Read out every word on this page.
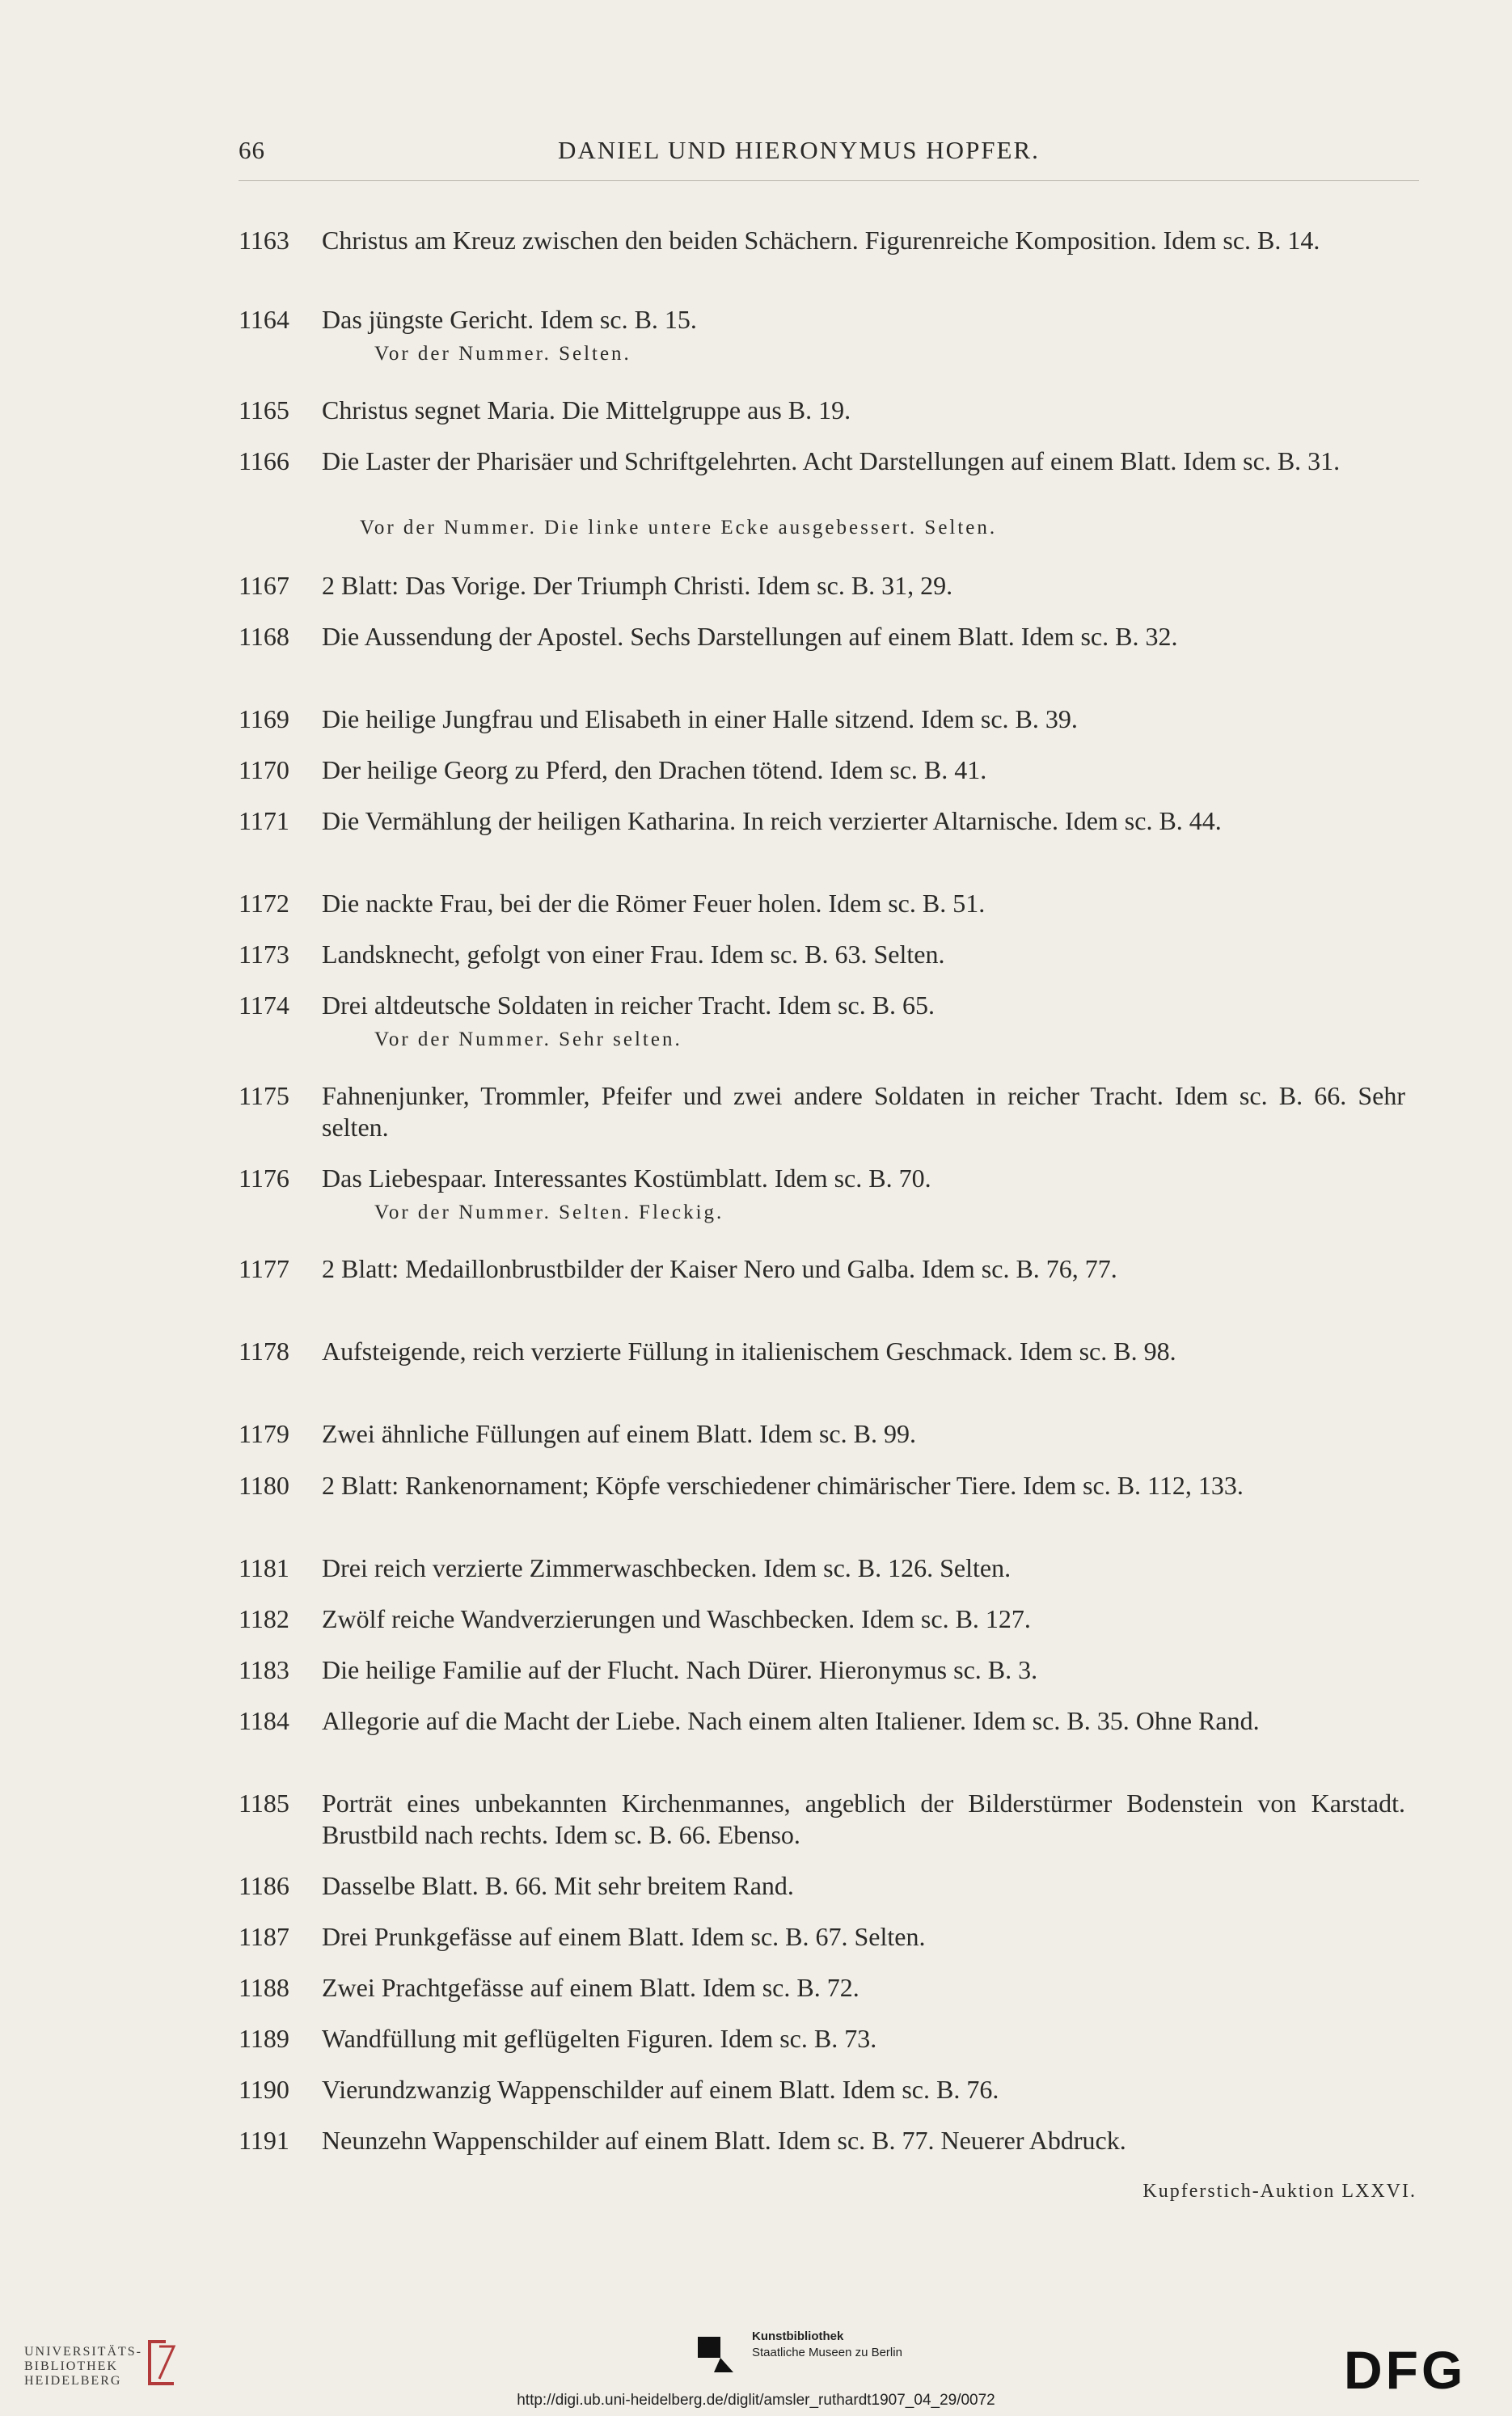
66	DANIEL UND HIERONYMUS HOPFER.
1163	Christus am Kreuz zwischen den beiden Schächern. Figurenreiche Komposition. Idem sc. B. 14.
1164	Das jüngste Gericht. Idem sc. B. 15.
Vor der Nummer. Selten.
1165	Christus segnet Maria. Die Mittelgruppe aus B. 19.
1166	Die Laster der Pharisäer und Schriftgelehrten. Acht Darstellungen auf einem Blatt. Idem sc. B. 31.
Vor der Nummer. Die linke untere Ecke ausgebessert. Selten.
1167	2 Blatt: Das Vorige. Der Triumph Christi. Idem sc. B. 31, 29.
1168	Die Aussendung der Apostel. Sechs Darstellungen auf einem Blatt. Idem sc. B. 32.
1169	Die heilige Jungfrau und Elisabeth in einer Halle sitzend. Idem sc. B. 39.
1170	Der heilige Georg zu Pferd, den Drachen tötend. Idem sc. B. 41.
1171	Die Vermählung der heiligen Katharina. In reich verzierter Altarnische. Idem sc. B. 44.
1172	Die nackte Frau, bei der die Römer Feuer holen. Idem sc. B. 51.
1173	Landsknecht, gefolgt von einer Frau. Idem sc. B. 63. Selten.
1174	Drei altdeutsche Soldaten in reicher Tracht. Idem sc. B. 65.
Vor der Nummer. Sehr selten.
1175	Fahnenjunker, Trommler, Pfeifer und zwei andere Soldaten in reicher Tracht. Idem sc. B. 66. Sehr selten.
1176	Das Liebespaar. Interessantes Kostümblatt. Idem sc. B. 70.
Vor der Nummer. Selten. Fleckig.
1177	2 Blatt: Medaillonbrustbilder der Kaiser Nero und Galba. Idem sc. B. 76, 77.
1178	Aufsteigende, reich verzierte Füllung in italienischem Geschmack. Idem sc. B. 98.
1179	Zwei ähnliche Füllungen auf einem Blatt. Idem sc. B. 99.
1180	2 Blatt: Rankenornament; Köpfe verschiedener chimärischer Tiere. Idem sc. B. 112, 133.
1181	Drei reich verzierte Zimmerwaschbecken. Idem sc. B. 126. Selten.
1182	Zwölf reiche Wandverzierungen und Waschbecken. Idem sc. B. 127.
1183	Die heilige Familie auf der Flucht. Nach Dürer. Hieronymus sc. B. 3.
1184	Allegorie auf die Macht der Liebe. Nach einem alten Italiener. Idem sc. B. 35. Ohne Rand.
1185	Porträt eines unbekannten Kirchenmannes, angeblich der Bilderstürmer Bodenstein von Karstadt. Brustbild nach rechts. Idem sc. B. 66. Ebenso.
1186	Dasselbe Blatt. B. 66. Mit sehr breitem Rand.
1187	Drei Prunkgefässe auf einem Blatt. Idem sc. B. 67. Selten.
1188	Zwei Prachtgefässe auf einem Blatt. Idem sc. B. 72.
1189	Wandfüllung mit geflügelten Figuren. Idem sc. B. 73.
1190	Vierundzwanzig Wappenschilder auf einem Blatt. Idem sc. B. 76.
1191	Neunzehn Wappenschilder auf einem Blatt. Idem sc. B. 77. Neuerer Abdruck.
Kupferstich-Auktion LXXVI.
UNIVERSITÄTS-
BIBLIOTHEK
HEIDELBERG
Kunstbibliothek
Staatliche Museen zu Berlin	DFG
http://digi.ub.uni-heidelberg.de/diglit/amsler_ruthardt1907_04_29/0072
